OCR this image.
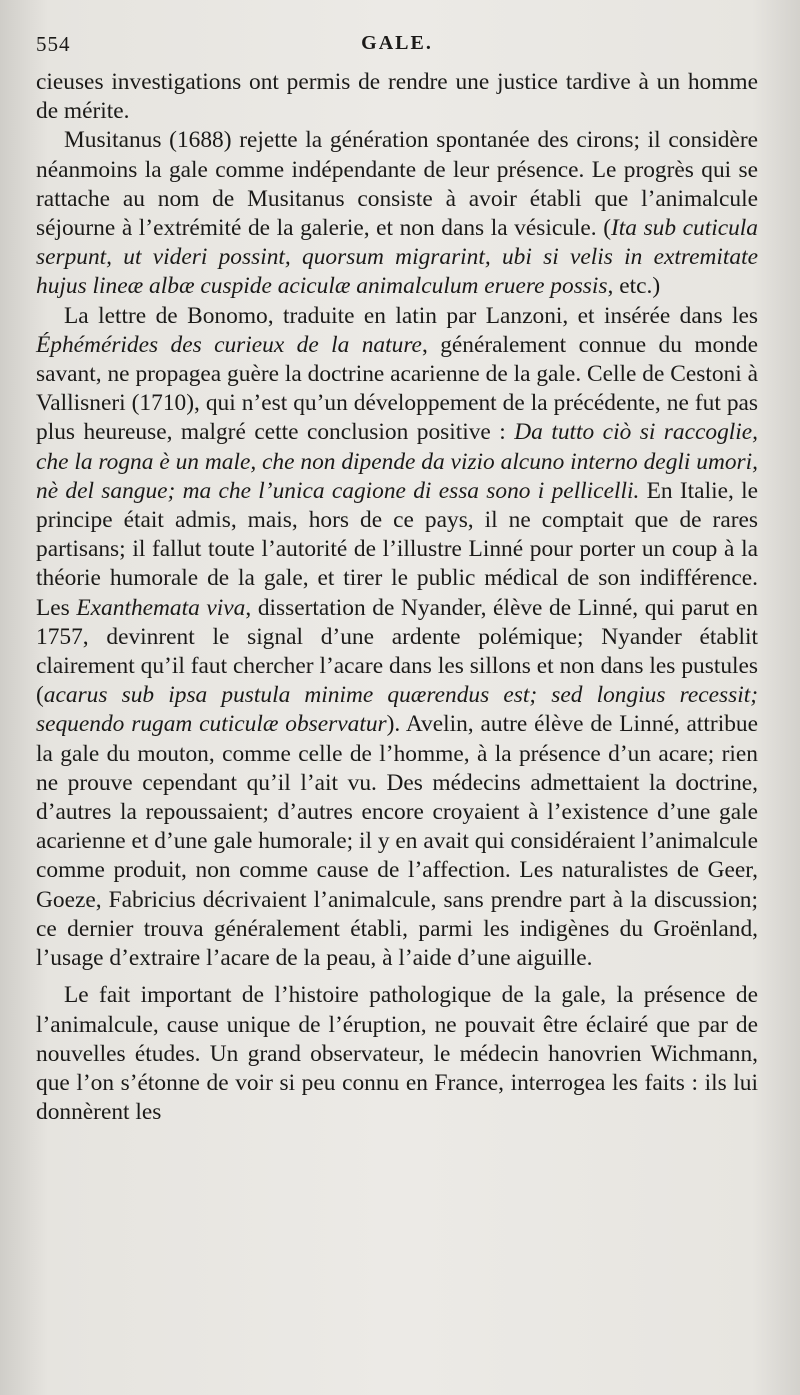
554	GALE.

cieuses investigations ont permis de rendre une justice tardive à un homme de mérite.

Musitanus (1688) rejette la génération spontanée des cirons; il considère néanmoins la gale comme indépendante de leur présence. Le progrès qui se rattache au nom de Musitanus consiste à avoir établi que l’animalcule séjourne à l’extrémité de la galerie, et non dans la vésicule. (Ita sub cuticula serpunt, ut videri possint, quorsum migrarint, ubi si velis in extremitate hujus lineæ albæ cuspide aciculæ animalculum eruere possis, etc.)

La lettre de Bonomo, traduite en latin par Lanzoni, et insérée dans les Éphémérides des curieux de la nature, généralement connue du monde savant, ne propagea guère la doctrine acarienne de la gale. Celle de Cestoni à Vallisneri (1710), qui n’est qu’un développement de la précédente, ne fut pas plus heureuse, malgré cette conclusion positive : Da tutto ciò si raccoglie, che la rogna è un male, che non dipende da vizio alcuno interno degli umori, nè del sangue; ma che l’unica cagione di essa sono i pellicelli. En Italie, le principe était admis, mais, hors de ce pays, il ne comptait que de rares partisans; il fallut toute l’autorité de l’illustre Linné pour porter un coup à la théorie humorale de la gale, et tirer le public médical de son indifférence. Les Exanthemata viva, dissertation de Nyander, élève de Linné, qui parut en 1757, devinrent le signal d’une ardente polémique; Nyander établit clairement qu’il faut chercher l’acare dans les sillons et non dans les pustules (acarus sub ipsa pustula minime quærendus est; sed longius recessit; sequendo rugam cuticulæ observatur). Avelin, autre élève de Linné, attribue la gale du mouton, comme celle de l’homme, à la présence d’un acare; rien ne prouve cependant qu’il l’ait vu. Des médecins admettaient la doctrine, d’autres la repoussaient; d’autres encore croyaient à l’existence d’une gale acarienne et d’une gale humorale; il y en avait qui considéraient l’animalcule comme produit, non comme cause de l’affection. Les naturalistes de Geer, Goeze, Fabricius décrivaient l’animalcule, sans prendre part à la discussion; ce dernier trouva généralement établi, parmi les indigènes du Groënland, l’usage d’extraire l’acare de la peau, à l’aide d’une aiguille.

Le fait important de l’histoire pathologique de la gale, la présence de l’animalcule, cause unique de l’éruption, ne pouvait être éclairé que par de nouvelles études. Un grand observateur, le médecin hanovrien Wichmann, que l’on s’étonne de voir si peu connu en France, interrogea les faits : ils lui donnèrent les
